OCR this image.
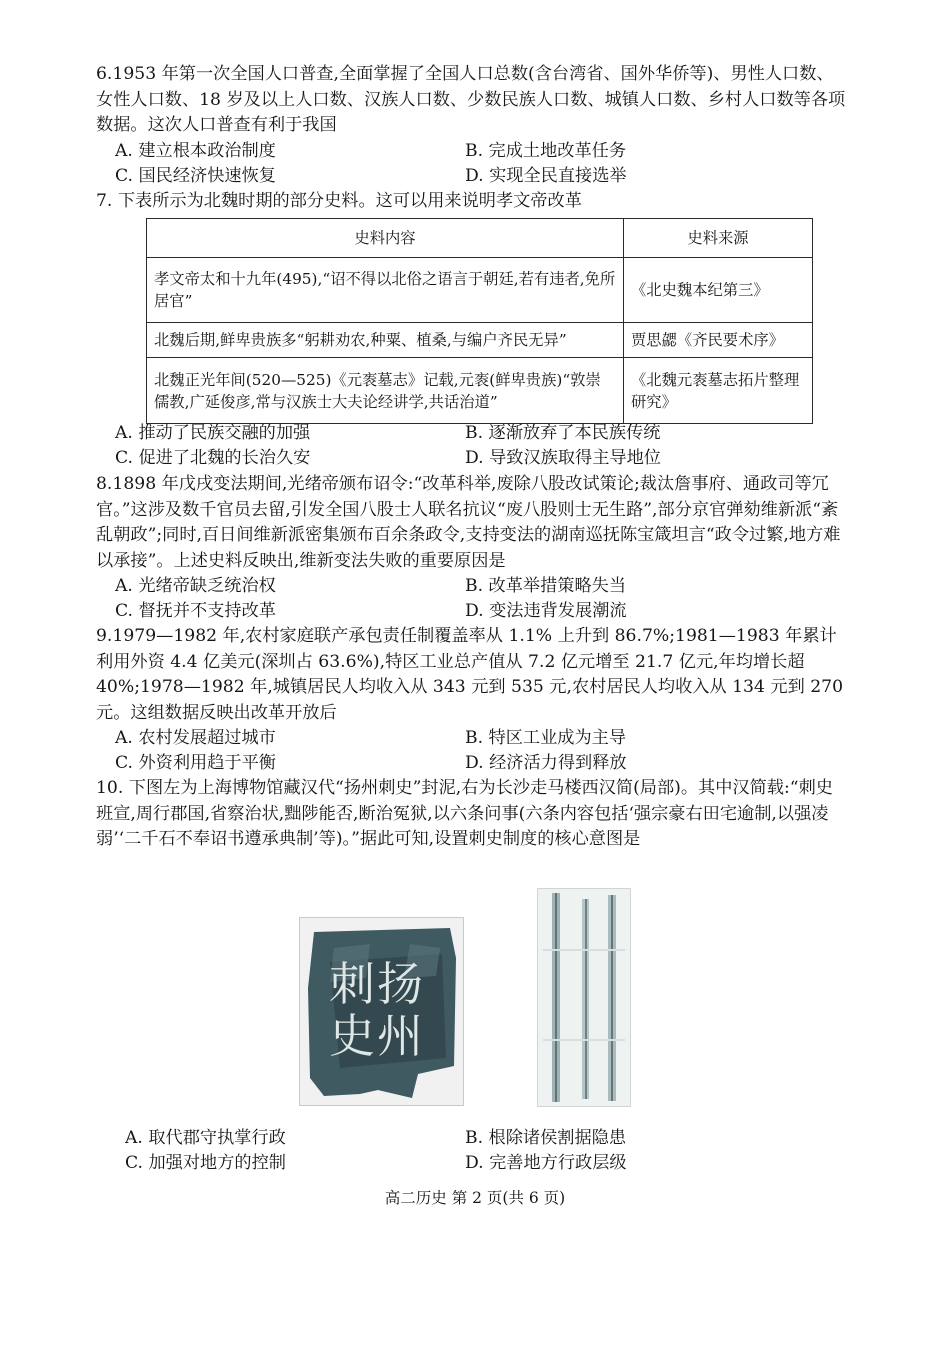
6.1953 年第一次全国人口普查,全面掌握了全国人口总数(含台湾省、国外华侨等)、男性人口数、女性人口数、18 岁及以上人口数、汉族人口数、少数民族人口数、城镇人口数、乡村人口数等各项数据。这次人口普查有利于我国

A. 建立根本政治制度	B. 完成土地改革任务
C. 国民经济快速恢复	D. 实现全民直接选举

7. 下表所示为北魏时期的部分史料。这可以用来说明孝文帝改革

史料内容	史料来源
孝文帝太和十九年(495),“诏不得以北俗之语言于朝廷,若有违者,免所居官”	《北史魏本纪第三》
北魏后期,鲜卑贵族多“躬耕劝农,种粟、植桑,与编户齐民无异”	贾思勰《齐民要术序》
北魏正光年间(520—525)《元袠墓志》记载,元袠(鲜卑贵族)“敦崇儒教,广延俊彦,常与汉族士大夫论经讲学,共话治道”	《北魏元袠墓志拓片整理研究》
A. 推动了民族交融的加强	B. 逐渐放弃了本民族传统
C. 促进了北魏的长治久安	D. 导致汉族取得主导地位

8.1898 年戊戌变法期间,光绪帝颁布诏令:“改革科举,废除八股改试策论;裁汰詹事府、通政司等冗官。”这涉及数千官员去留,引发全国八股士人联名抗议“废八股则士无生路”,部分京官弹劾维新派“紊乱朝政”;同时,百日间维新派密集颁布百余条政令,支持变法的湖南巡抚陈宝箴坦言“政令过繁,地方难以承接”。上述史料反映出,维新变法失败的重要原因是

A. 光绪帝缺乏统治权	B. 改革举措策略失当
C. 督抚并不支持改革	D. 变法违背发展潮流

9.1979—1982 年,农村家庭联产承包责任制覆盖率从 1.1% 上升到 86.7%;1981—1983 年累计利用外资 4.4 亿美元(深圳占 63.6%),特区工业总产值从 7.2 亿元增至 21.7 亿元,年均增长超 40%;1978—1982 年,城镇居民人均收入从 343 元到 535 元,农村居民人均收入从 134 元到 270 元。这组数据反映出改革开放后

A. 农村发展超过城市	B. 特区工业成为主导
C. 外资利用趋于平衡	D. 经济活力得到释放

10. 下图左为上海博物馆藏汉代“扬州刺史”封泥,右为长沙走马楼西汉简(局部)。其中汉简载:“刺史班宣,周行郡国,省察治状,黜陟能否,断治冤狱,以六条问事(六条内容包括‘强宗豪右田宅逾制,以强凌弱’‘二千石不奉诏书遵承典制’等)。”据此可知,设置刺史制度的核心意图是

扬
州
刺
史
A. 取代郡守执掌行政	B. 根除诸侯割据隐患
C. 加强对地方的控制	D. 完善地方行政层级
高二历史 第 2 页(共 6 页)
